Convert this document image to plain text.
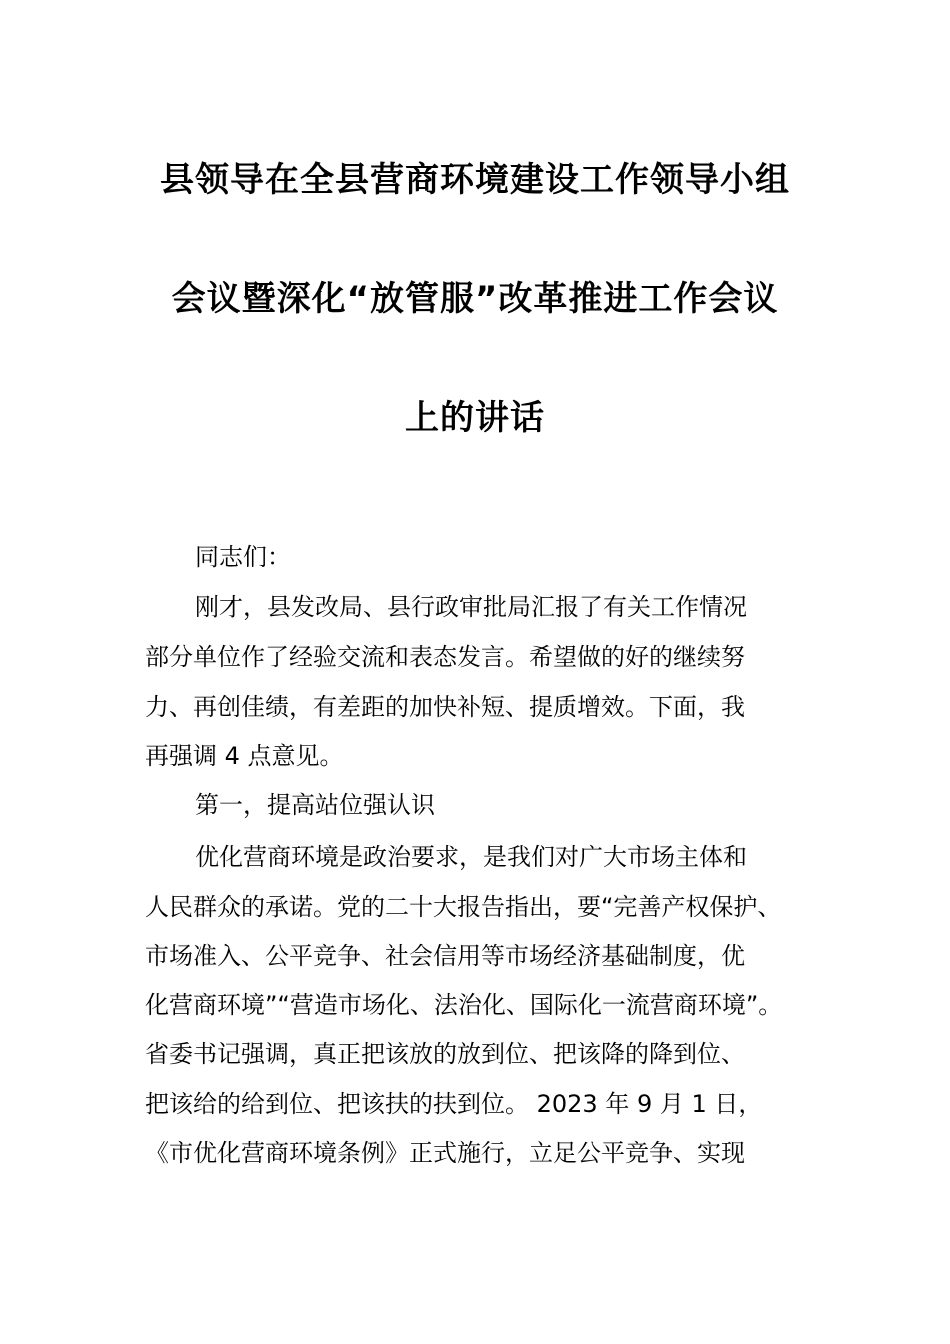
县领导在全县营商环境建设工作领导小组
会议暨深化“放管服”改革推进工作会议
上的讲话
同志们：
刚才，县发改局、县行政审批局汇报了有关工作情况
部分单位作了经验交流和表态发言。希望做的好的继续努
力、再创佳绩，有差距的加快补短、提质增效。下面，我
再强调 4 点意见。
第一，提高站位强认识
优化营商环境是政治要求，是我们对广大市场主体和
人民群众的承诺。党的二十大报告指出，要“完善产权保护、
市场准入、公平竞争、社会信用等市场经济基础制度，优
化营商环境”“营造市场化、法治化、国际化一流营商环境”。
省委书记强调，真正把该放的放到位、把该降的降到位、
把该给的给到位、把该扶的扶到位。 2023 年 9 月 1 日，
《市优化营商环境条例》正式施行，立足公平竞争、实现
